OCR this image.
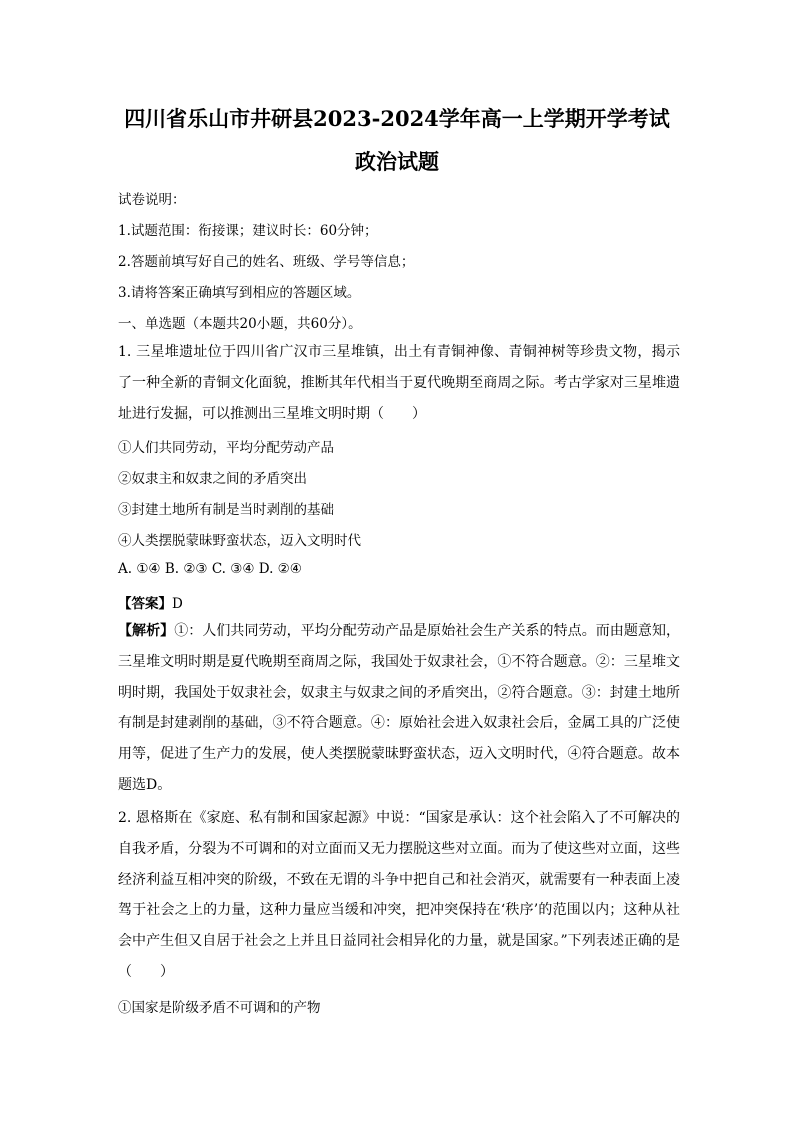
四川省乐山市井研县2023-2024学年高一上学期开学考试
政治试题
试卷说明：
1.试题范围：衔接课；建议时长：60分钟；
2.答题前填写好自己的姓名、班级、学号等信息；
3.请将答案正确填写到相应的答题区域。
一、单选题（本题共20小题，共60分）。
1. 三星堆遗址位于四川省广汉市三星堆镇，出土有青铜神像、青铜神树等珍贵文物，揭示了一种全新的青铜文化面貌，推断其年代相当于夏代晚期至商周之际。考古学家对三星堆遗址进行发掘，可以推测出三星堆文明时期（　　）
①人们共同劳动，平均分配劳动产品
②奴隶主和奴隶之间的矛盾突出
③封建土地所有制是当时剥削的基础
④人类摆脱蒙昧野蛮状态，迈入文明时代
A. ①④ B. ②③ C. ③④ D. ②④
【答案】D
【解析】①：人们共同劳动，平均分配劳动产品是原始社会生产关系的特点。而由题意知，三星堆文明时期是夏代晚期至商周之际，我国处于奴隶社会，①不符合题意。②：三星堆文明时期，我国处于奴隶社会，奴隶主与奴隶之间的矛盾突出，②符合题意。③：封建土地所有制是封建剥削的基础，③不符合题意。④：原始社会进入奴隶社会后，金属工具的广泛使用等，促进了生产力的发展，使人类摆脱蒙昧野蛮状态，迈入文明时代，④符合题意。故本题选D。
2. 恩格斯在《家庭、私有制和国家起源》中说：“国家是承认：这个社会陷入了不可解决的自我矛盾，分裂为不可调和的对立面而又无力摆脱这些对立面。而为了使这些对立面，这些经济利益互相冲突的阶级，不致在无谓的斗争中把自己和社会消灭，就需要有一种表面上凌驾于社会之上的力量，这种力量应当缓和冲突，把冲突保持在‘秩序’的范围以内；这种从社会中产生但又自居于社会之上并且日益同社会相异化的力量，就是国家。”下列表述正确的是（　　）
①国家是阶级矛盾不可调和的产物
